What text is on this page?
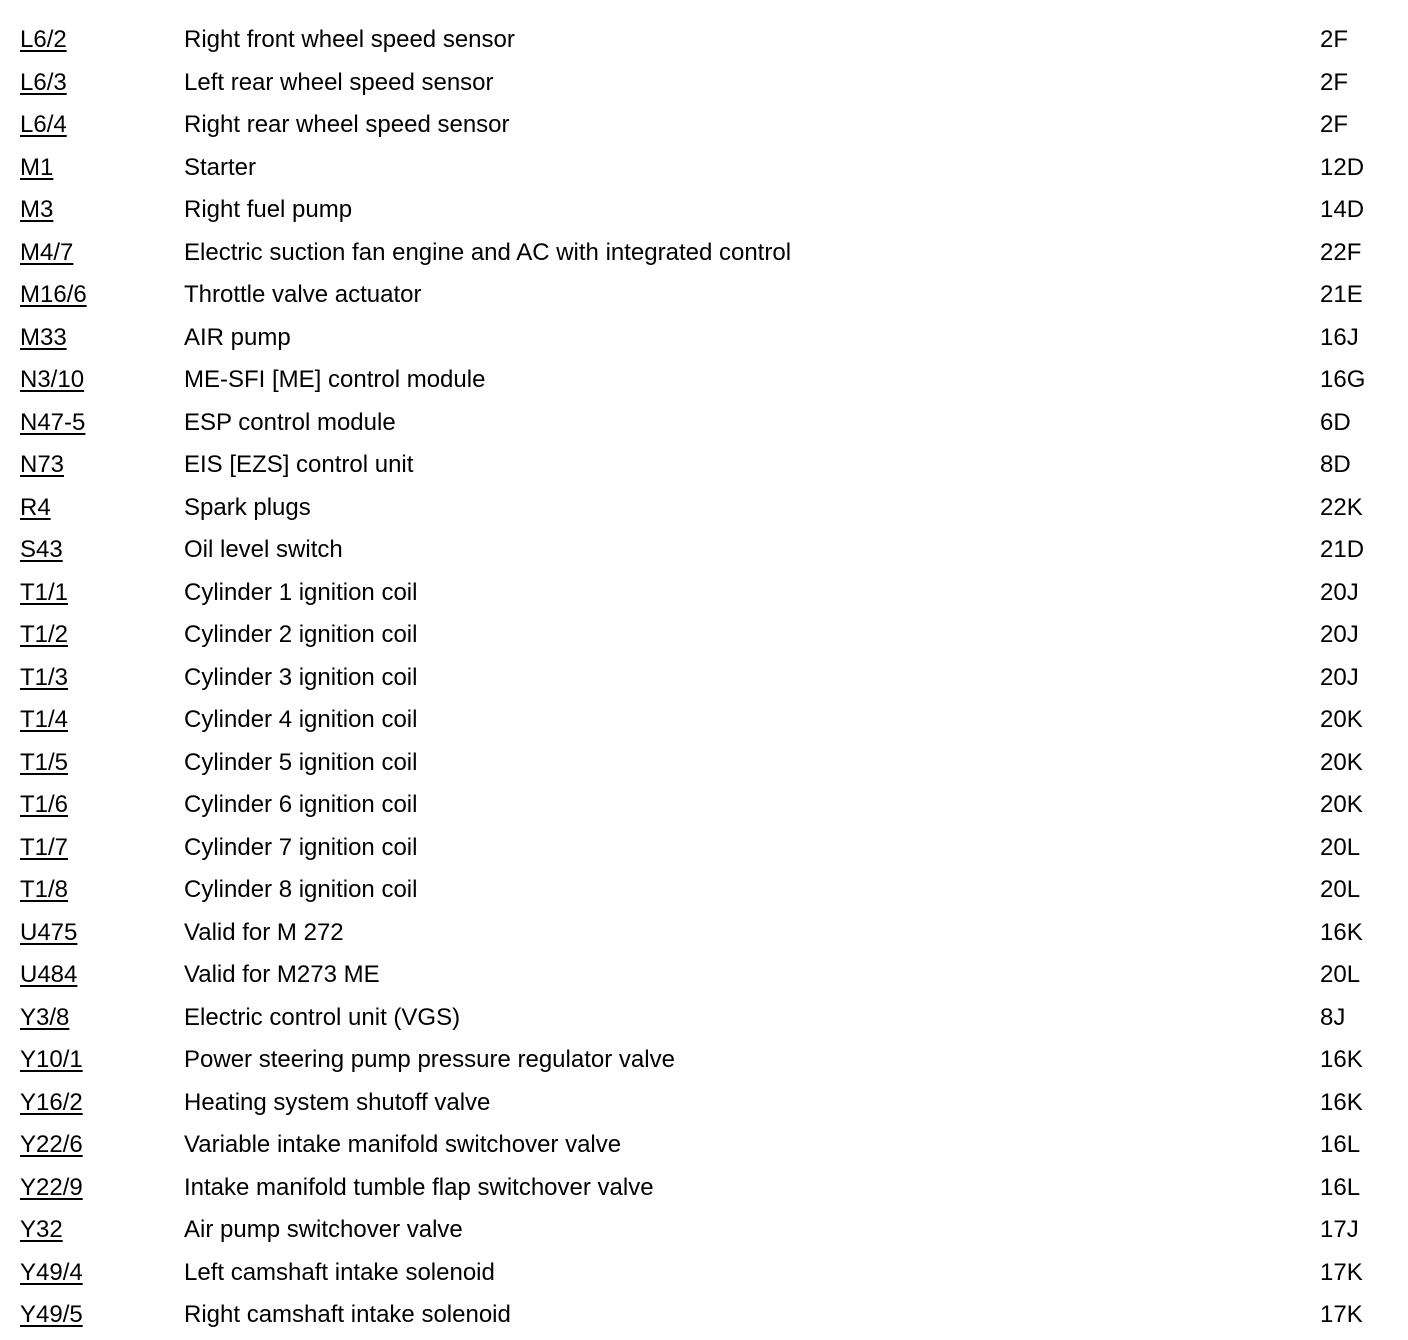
L6/2	Right front wheel speed sensor	2F
L6/3	Left rear wheel speed sensor	2F
L6/4	Right rear wheel speed sensor	2F
M1	Starter	12D
M3	Right fuel pump	14D
M4/7	Electric suction fan engine and AC with integrated control	22F
M16/6	Throttle valve actuator	21E
M33	AIR pump	16J
N3/10	ME-SFI [ME] control module	16G
N47-5	ESP control module	6D
N73	EIS [EZS] control unit	8D
R4	Spark plugs	22K
S43	Oil level switch	21D
T1/1	Cylinder 1 ignition coil	20J
T1/2	Cylinder 2 ignition coil	20J
T1/3	Cylinder 3 ignition coil	20J
T1/4	Cylinder 4 ignition coil	20K
T1/5	Cylinder 5 ignition coil	20K
T1/6	Cylinder 6 ignition coil	20K
T1/7	Cylinder 7 ignition coil	20L
T1/8	Cylinder 8 ignition coil	20L
U475	Valid for M 272	16K
U484	Valid for M273 ME	20L
Y3/8	Electric control unit (VGS)	8J
Y10/1	Power steering pump pressure regulator valve	16K
Y16/2	Heating system shutoff valve	16K
Y22/6	Variable intake manifold switchover valve	16L
Y22/9	Intake manifold tumble flap switchover valve	16L
Y32	Air pump switchover valve	17J
Y49/4	Left camshaft intake solenoid	17K
Y49/5	Right camshaft intake solenoid	17K
